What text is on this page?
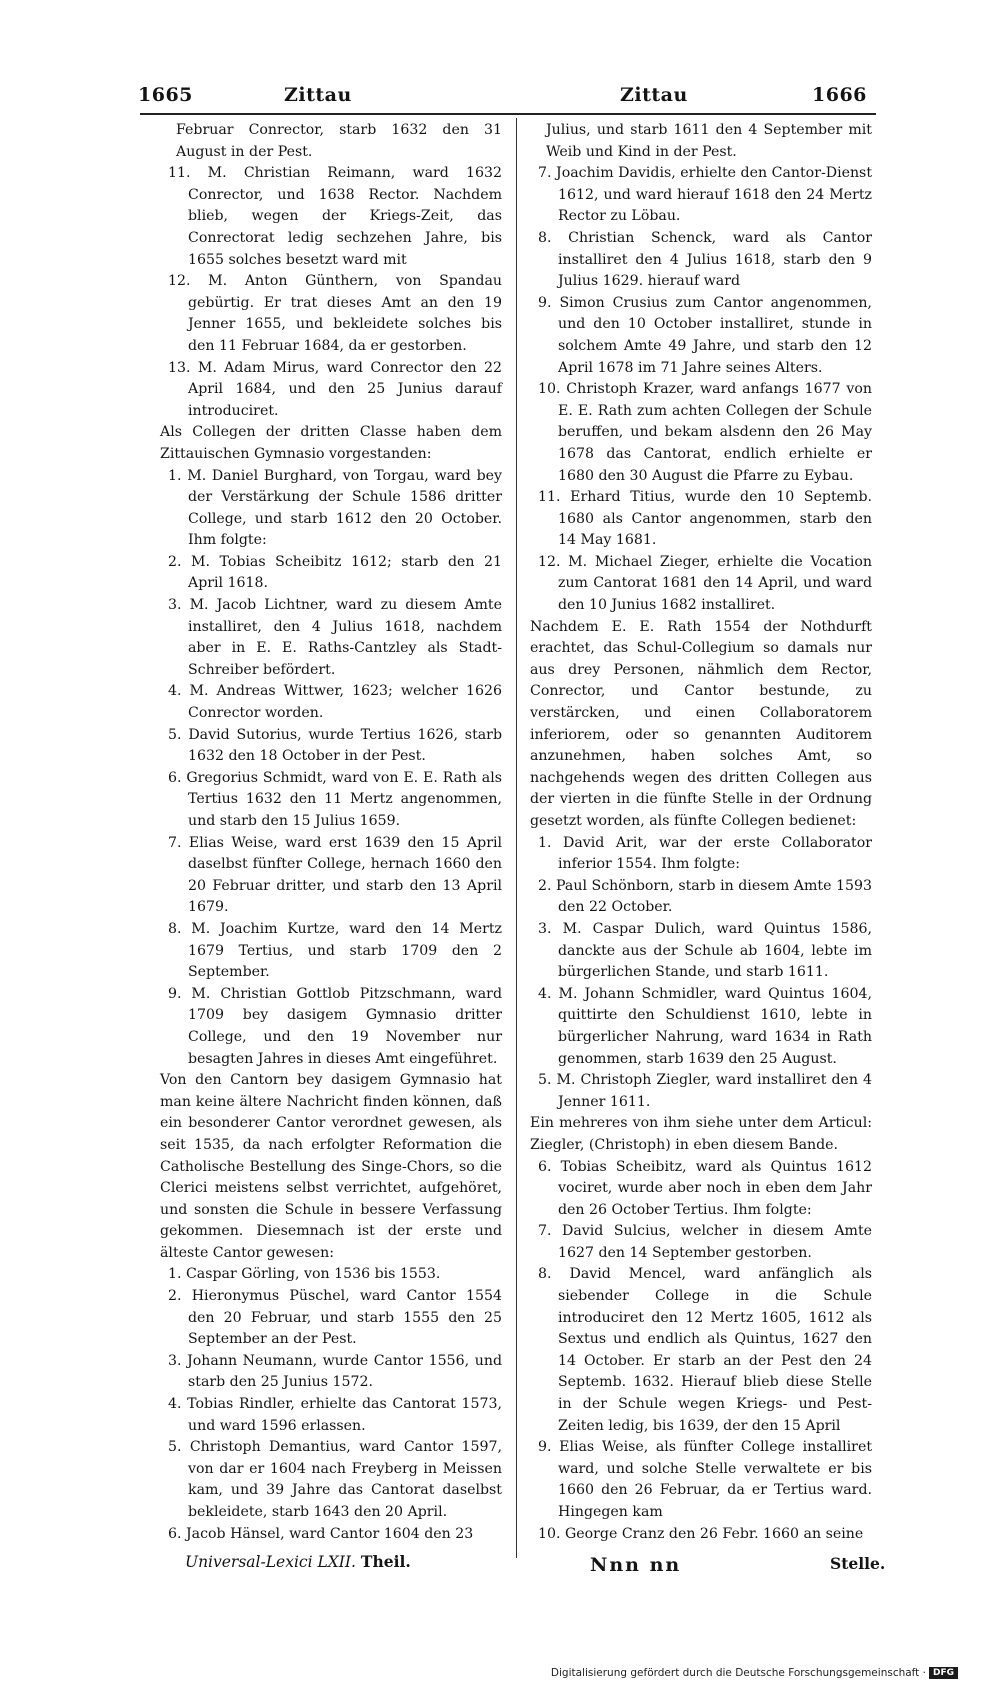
1665	Zittau	Zittau	1666

Februar Conrector, starb 1632 den 31 August in der Pest.

11. M. Christian Reimann, ward 1632 Conrector, und 1638 Rector. Nachdem blieb, wegen der Kriegs-Zeit, das Conrectorat ledig sechzehen Jahre, bis 1655 solches besetzt ward mit

12. M. Anton Günthern, von Spandau gebürtig. Er trat dieses Amt an den 19 Jenner 1655, und bekleidete solches bis den 11 Februar 1684, da er gestorben.

13. M. Adam Mirus, ward Conrector den 22 April 1684, und den 25 Junius darauf introduciret.

Als Collegen der dritten Classe haben dem Zittauischen Gymnasio vorgestanden:

1. M. Daniel Burghard, von Torgau, ward bey der Verstärkung der Schule 1586 dritter College, und starb 1612 den 20 October. Ihm folgte:

2. M. Tobias Scheibitz 1612; starb den 21 April 1618.

3. M. Jacob Lichtner, ward zu diesem Amte installiret, den 4 Julius 1618, nachdem aber in E. E. Raths-Cantzley als Stadt-Schreiber befördert.

4. M. Andreas Wittwer, 1623; welcher 1626 Conrector worden.

5. David Sutorius, wurde Tertius 1626, starb 1632 den 18 October in der Pest.

6. Gregorius Schmidt, ward von E. E. Rath als Tertius 1632 den 11 Mertz angenommen, und starb den 15 Julius 1659.

7. Elias Weise, ward erst 1639 den 15 April daselbst fünfter College, hernach 1660 den 20 Februar dritter, und starb den 13 April 1679.

8. M. Joachim Kurtze, ward den 14 Mertz 1679 Tertius, und starb 1709 den 2 September.

9. M. Christian Gottlob Pitzschmann, ward 1709 bey dasigem Gymnasio dritter College, und den 19 November nur besagten Jahres in dieses Amt eingeführet.

Von den Cantorn bey dasigem Gymnasio hat man keine ältere Nachricht finden können, daß ein besonderer Cantor verordnet gewesen, als seit 1535, da nach erfolgter Reformation die Catholische Bestellung des Singe-Chors, so die Clerici meistens selbst verrichtet, aufgehöret, und sonsten die Schule in bessere Verfassung gekommen. Diesemnach ist der erste und älteste Cantor gewesen:

1. Caspar Görling, von 1536 bis 1553.

2. Hieronymus Püschel, ward Cantor 1554 den 20 Februar, und starb 1555 den 25 September an der Pest.

3. Johann Neumann, wurde Cantor 1556, und starb den 25 Junius 1572.

4. Tobias Rindler, erhielte das Cantorat 1573, und ward 1596 erlassen.

5. Christoph Demantius, ward Cantor 1597, von dar er 1604 nach Freyberg in Meissen kam, und 39 Jahre das Cantorat daselbst bekleidete, starb 1643 den 20 April.

6. Jacob Hänsel, ward Cantor 1604 den 23

Julius, und starb 1611 den 4 September mit Weib und Kind in der Pest.

7. Joachim Davidis, erhielte den Cantor-Dienst 1612, und ward hierauf 1618 den 24 Mertz Rector zu Löbau.

8. Christian Schenck, ward als Cantor installiret den 4 Julius 1618, starb den 9 Julius 1629. hierauf ward

9. Simon Crusius zum Cantor angenommen, und den 10 October installiret, stunde in solchem Amte 49 Jahre, und starb den 12 April 1678 im 71 Jahre seines Alters.

10. Christoph Krazer, ward anfangs 1677 von E. E. Rath zum achten Collegen der Schule beruffen, und bekam alsdenn den 26 May 1678 das Cantorat, endlich erhielte er 1680 den 30 August die Pfarre zu Eybau.

11. Erhard Titius, wurde den 10 Septemb. 1680 als Cantor angenommen, starb den 14 May 1681.

12. M. Michael Zieger, erhielte die Vocation zum Cantorat 1681 den 14 April, und ward den 10 Junius 1682 installiret.

Nachdem E. E. Rath 1554 der Nothdurft erachtet, das Schul-Collegium so damals nur aus drey Personen, nähmlich dem Rector, Conrector, und Cantor bestunde, zu verstärcken, und einen Collaboratorem inferiorem, oder so genannten Auditorem anzunehmen, haben solches Amt, so nachgehends wegen des dritten Collegen aus der vierten in die fünfte Stelle in der Ordnung gesetzt worden, als fünfte Collegen bedienet:

1. David Arit, war der erste Collaborator inferior 1554. Ihm folgte:

2. Paul Schönborn, starb in diesem Amte 1593 den 22 October.

3. M. Caspar Dulich, ward Quintus 1586, danckte aus der Schule ab 1604, lebte im bürgerlichen Stande, und starb 1611.

4. M. Johann Schmidler, ward Quintus 1604, quittirte den Schuldienst 1610, lebte in bürgerlicher Nahrung, ward 1634 in Rath genommen, starb 1639 den 25 August.

5. M. Christoph Ziegler, ward installiret den 4 Jenner 1611.

Ein mehreres von ihm siehe unter dem Articul: Ziegler, (Christoph) in eben diesem Bande.

6. Tobias Scheibitz, ward als Quintus 1612 vociret, wurde aber noch in eben dem Jahr den 26 October Tertius. Ihm folgte:

7. David Sulcius, welcher in diesem Amte 1627 den 14 September gestorben.

8. David Mencel, ward anfänglich als siebender College in die Schule introduciret den 12 Mertz 1605, 1612 als Sextus und endlich als Quintus, 1627 den 14 October. Er starb an der Pest den 24 Septemb. 1632. Hierauf blieb diese Stelle in der Schule wegen Kriegs- und Pest-Zeiten ledig, bis 1639, der den 15 April

9. Elias Weise, als fünfter College installiret ward, und solche Stelle verwaltete er bis 1660 den 26 Februar, da er Tertius ward. Hingegen kam

10. George Cranz den 26 Febr. 1660 an seine

Universal-Lexici LXII. Theil.	Nnn nn	Stelle.
Digitalisierung gefördert durch die Deutsche Forschungsgemeinschaft · DFG
